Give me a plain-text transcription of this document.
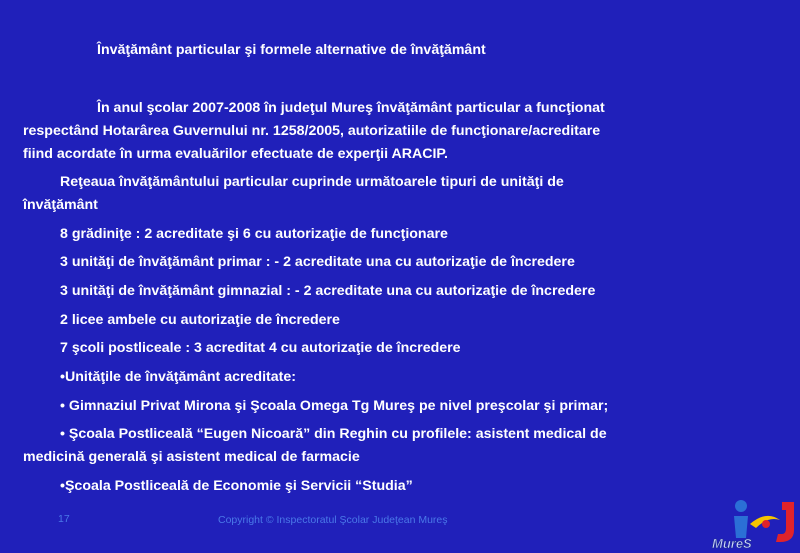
Învăţământ particular şi formele alternative de învăţământ
În anul şcolar 2007-2008 în judeţul Mureş învăţământ particular a funcţionat
respectând Hotarârea Guvernului nr. 1258/2005, autorizatiile de funcţionare/acreditare
fiind acordate în urma evaluărilor efectuate de experţii ARACIP.
Reţeaua învăţământului particular cuprinde următoarele tipuri de unităţi de
învăţământ
8 grădiniţe : 2 acreditate şi 6 cu autorizaţie de funcţionare
3 unităţi de învăţământ primar : - 2 acreditate una cu autorizaţie de încredere
3 unităţi de învăţământ gimnazial : - 2 acreditate una cu autorizaţie de încredere
2 licee ambele cu autorizaţie de încredere
7 şcoli postliceale : 3 acreditat 4 cu autorizaţie de încredere
•Unităţile de învăţământ acreditate:
• Gimnaziul Privat Mirona şi Şcoala Omega Tg Mureş pe nivel preşcolar şi primar;
• Şcoala Postliceală “Eugen Nicoară” din Reghin cu profilele: asistent medical de
medicină generală şi asistent medical de farmacie
•Şcoala Postliceală de Economie şi Servicii “Studia”
17	Copyright © Inspectoratul Şcolar Judeţean Mureş
MureS
